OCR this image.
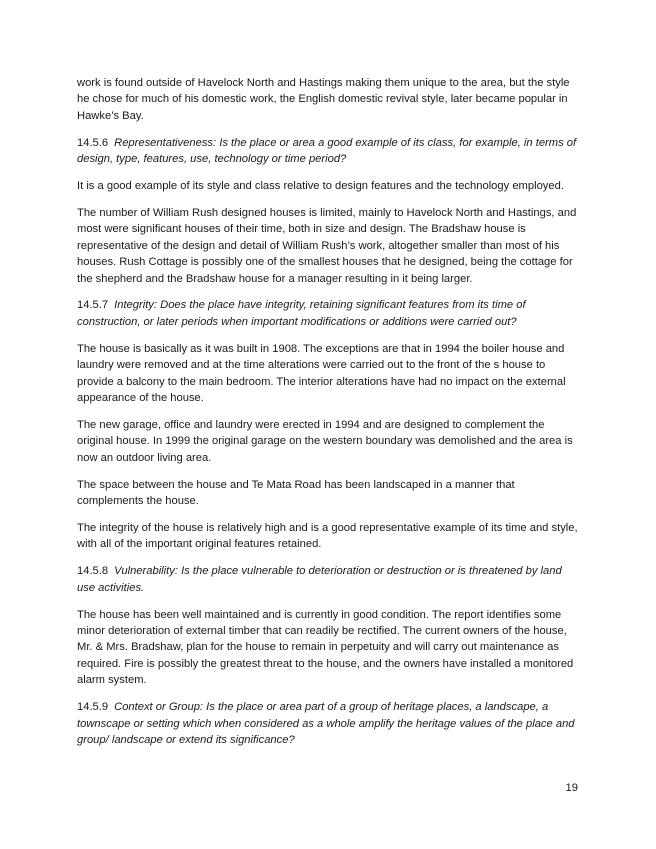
work is found outside of Havelock North and Hastings making them unique to the area, but the style he chose for much of his domestic work, the English domestic revival style, later became popular in Hawke’s Bay.

14.5.6 Representativeness: Is the place or area a good example of its class, for example, in terms of design, type, features, use, technology or time period?

It is a good example of its style and class relative to design features and the technology employed.

The number of William Rush designed houses is limited, mainly to Havelock North and Hastings, and most were significant houses of their time, both in size and design. The Bradshaw house is representative of the design and detail of William Rush’s work, altogether smaller than most of his houses. Rush Cottage is possibly one of the smallest houses that he designed, being the cottage for the shepherd and the Bradshaw house for a manager resulting in it being larger.

14.5.7 Integrity: Does the place have integrity, retaining significant features from its time of construction, or later periods when important modifications or additions were carried out?

The house is basically as it was built in 1908. The exceptions are that in 1994 the boiler house and laundry were removed and at the time alterations were carried out to the front of the s house to provide a balcony to the main bedroom. The interior alterations have had no impact on the external appearance of the house.

The new garage, office and laundry were erected in 1994 and are designed to complement the original house. In 1999 the original garage on the western boundary was demolished and the area is now an outdoor living area.

The space between the house and Te Mata Road has been landscaped in a manner that complements the house.

The integrity of the house is relatively high and is a good representative example of its time and style, with all of the important original features retained.

14.5.8 Vulnerability: Is the place vulnerable to deterioration or destruction or is threatened by land use activities.

The house has been well maintained and is currently in good condition. The report identifies some minor deterioration of external timber that can readily be rectified. The current owners of the house, Mr. & Mrs. Bradshaw, plan for the house to remain in perpetuity and will carry out maintenance as required. Fire is possibly the greatest threat to the house, and the owners have installed a monitored alarm system.

14.5.9 Context or Group: Is the place or area part of a group of heritage places, a landscape, a townscape or setting which when considered as a whole amplify the heritage values of the place and group/ landscape or extend its significance?

19
